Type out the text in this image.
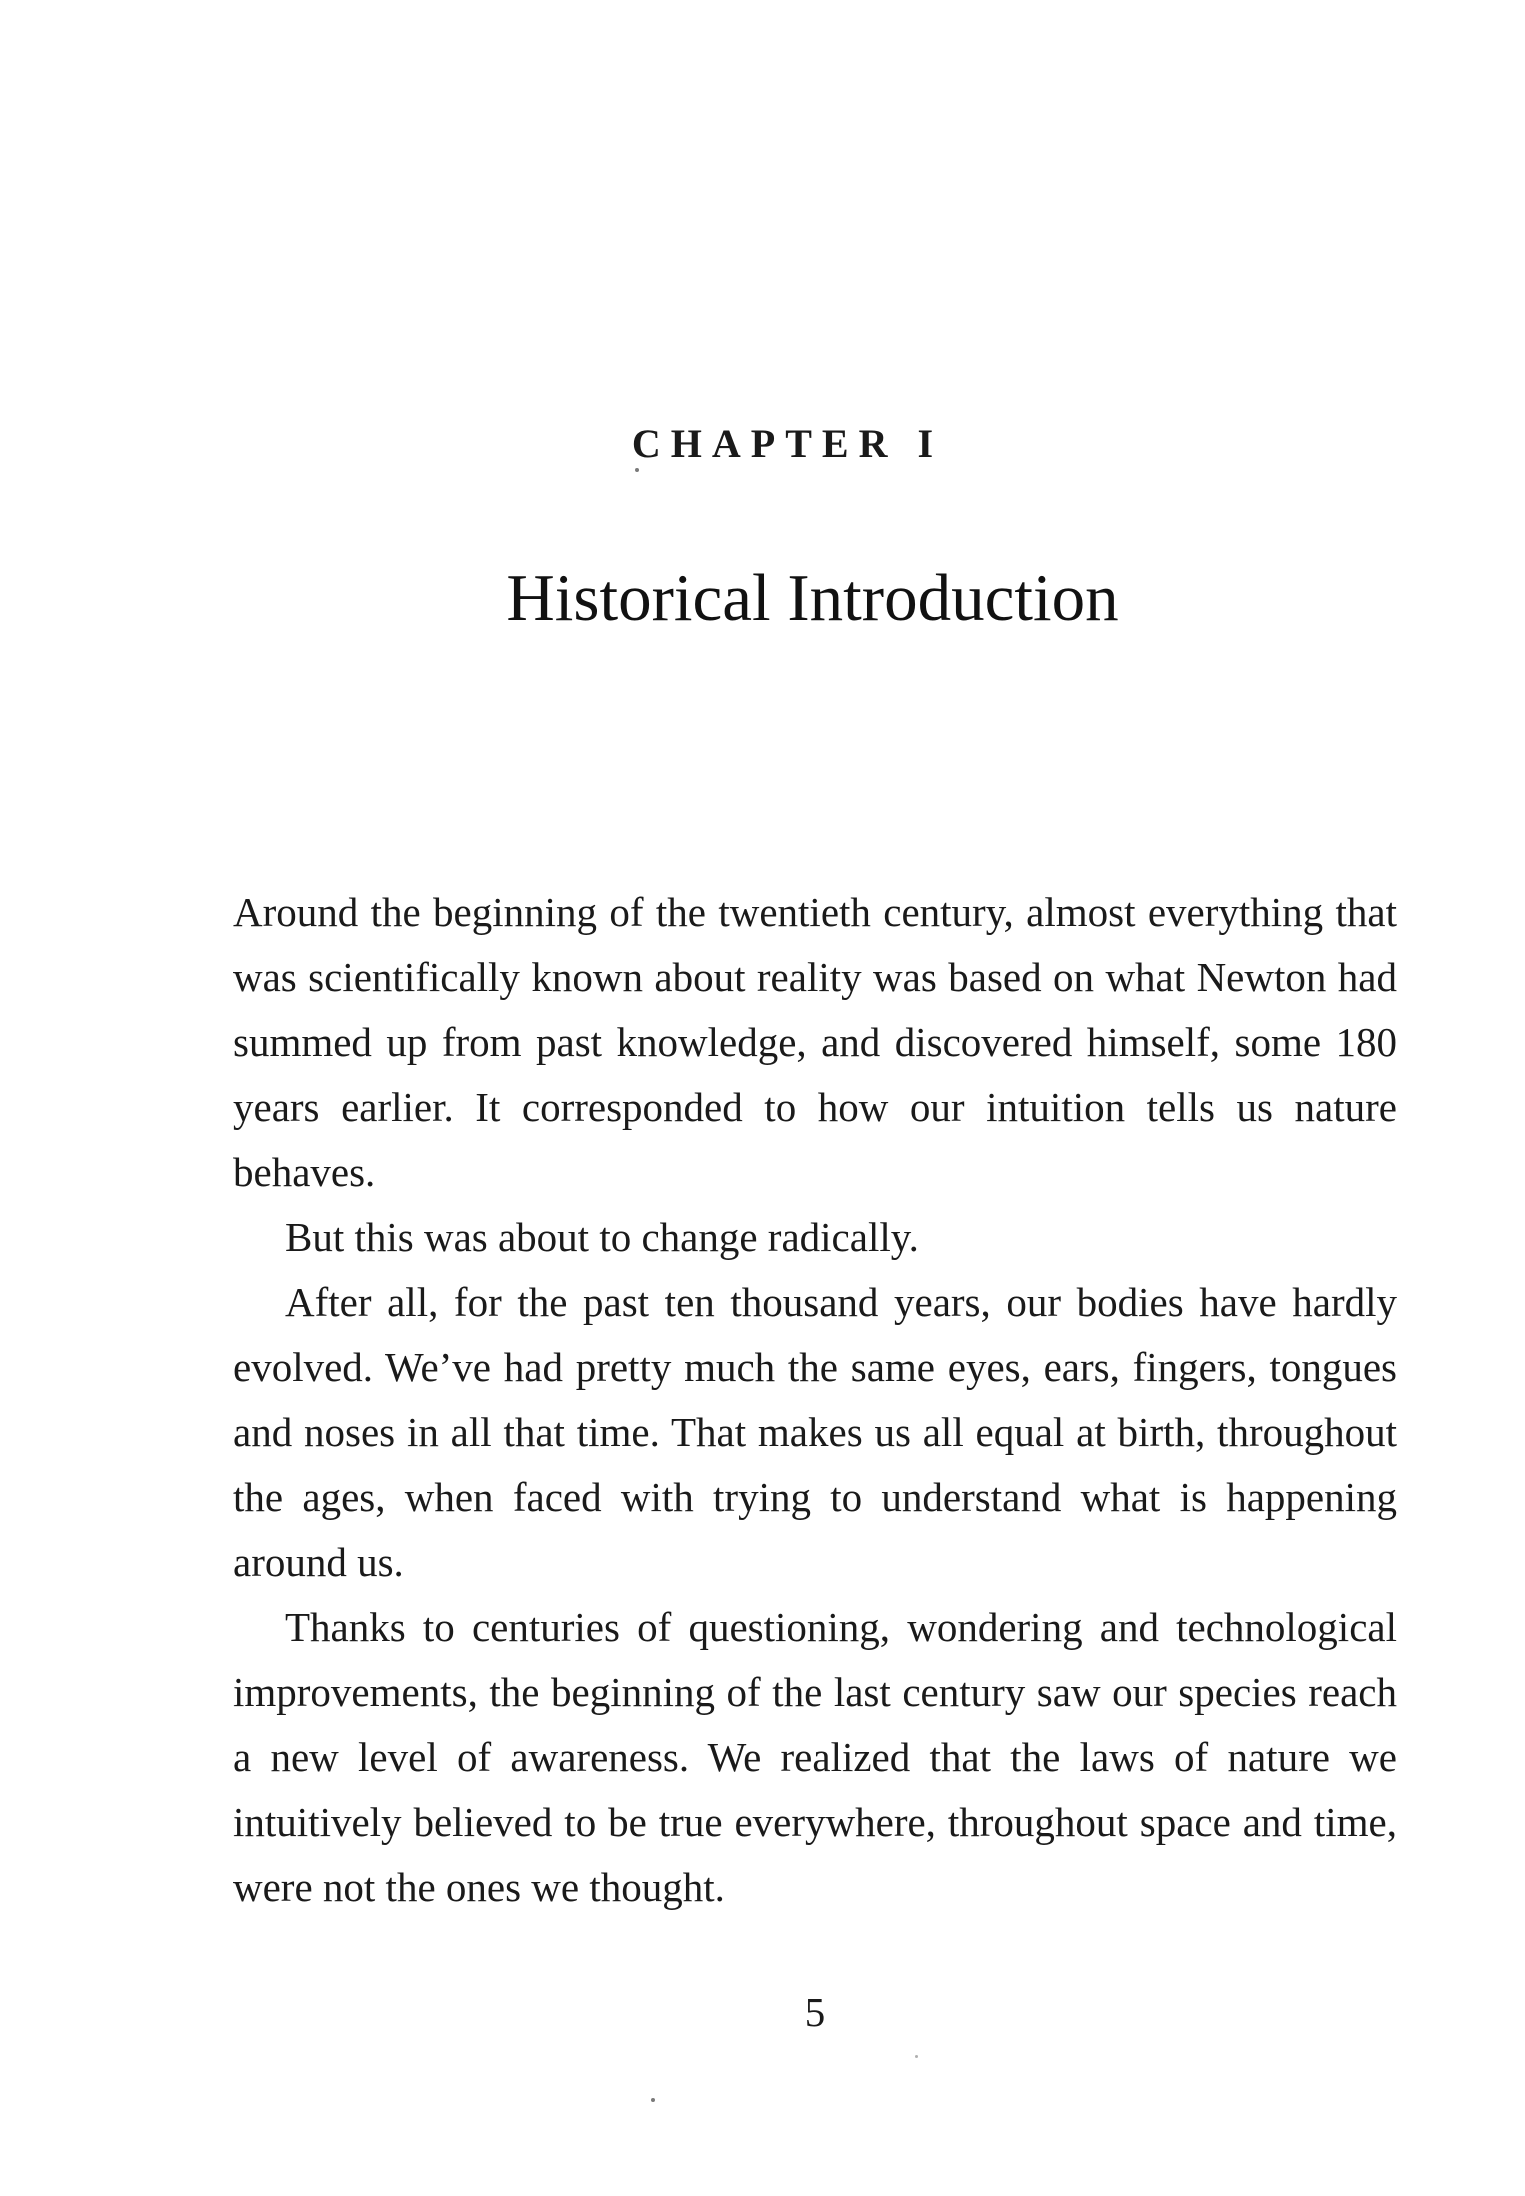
CHAPTER I
Historical Introduction

Around the beginning of the twentieth century, almost everything that was scientifically known about reality was based on what Newton had summed up from past knowledge, and discovered himself, some 180 years earlier. It corresponded to how our intuition tells us nature behaves.

But this was about to change radically.

After all, for the past ten thousand years, our bodies have hardly evolved. We’ve had pretty much the same eyes, ears, fingers, tongues and noses in all that time. That makes us all equal at birth, throughout the ages, when faced with trying to understand what is happening around us.

Thanks to centuries of questioning, wondering and technological improvements, the beginning of the last century saw our species reach a new level of awareness. We realized that the laws of nature we intuitively believed to be true everywhere, throughout space and time, were not the ones we thought.

5
